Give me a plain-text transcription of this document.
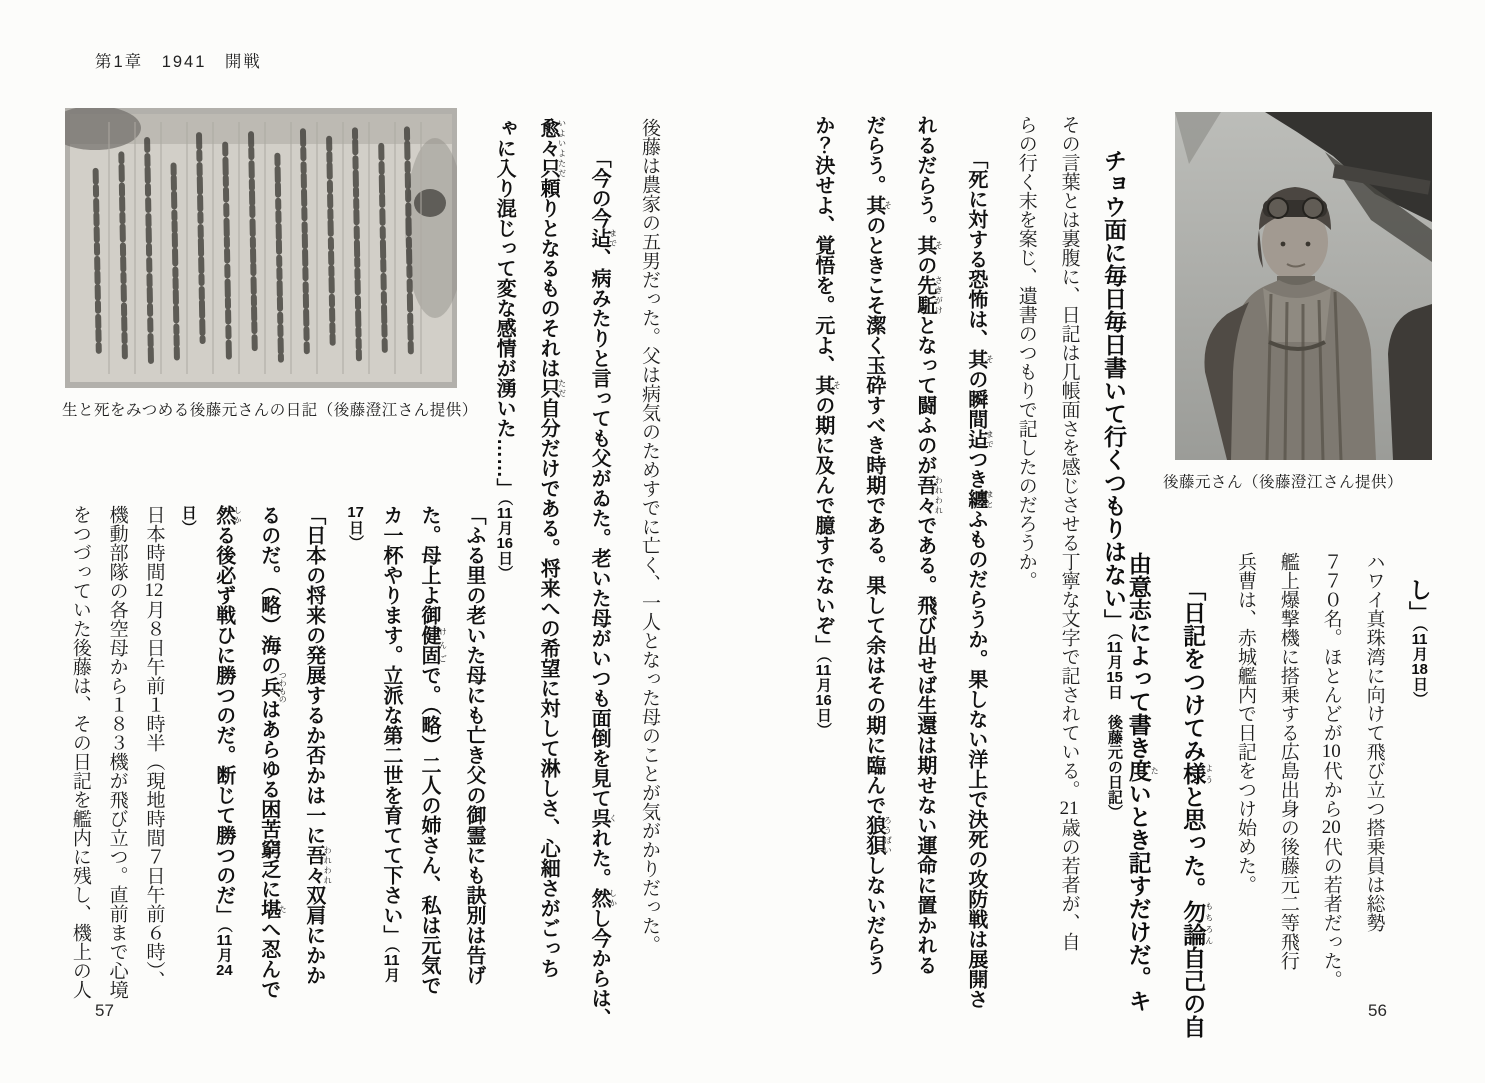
第1章　1941　開戦
生と死をみつめる後藤元さんの日記（後藤澄江さん提供）	後藤は農家の五男だった。父は病気のためすでに亡く、一人となった母のことが気がかりだった。
「今の今迠まで、病みたりと言っても父がゐた。老いた母がいつも面倒を見て呉くれた。然しかし今からは、
愈々只いよいよただ頼りとなるものそれは只ただ自分だけである。将来への希望に対して淋しさ、心細さがごっち
ゃに入り混じって変な感情が湧いた……」（11月16日）
「ふる里の老いた母にも亡き父の御霊にも訣別は告げ
た。母上よ御健固けんごで。（略）二人の姉さん、私は元気で
カ一杯やります。立派な第二世を育てて下さい」（11月
17日）
「日本の将来の発展するか否かは一に吾々われわれ双肩にかか
るのだ。（略）海の兵つわものはあらゆる困苦窮乏に堪たへ忍んで
然しかる後必ず戦ひに勝つのだ。断じて勝つのだ」（11月24
日）
日本時間12月８日午前１時半（現地時間７日午前６時）、
機動部隊の各空母から１８３機が飛び立つ。直前まで心境
をつづっていた後藤は、その日記を艦内に残し、機上の人
57
後藤元さん（後藤澄江さん提供）
し」（11月18日）
ハワイ真珠湾に向けて飛び立つ搭乗員は総勢
７７０名。ほとんどが10代から20代の若者だった。
艦上爆撃機に搭乗する広島出身の後藤元二等飛行
兵曹は、赤城艦内で日記をつけ始めた。
「日記をつけてみ様ようと思った。勿論もちろん自己の自
由意志によって書き度たいとき記すだけだ。キ
チョウ面に毎日毎日書いて行くつもりはない」（11月15日　後藤元の日記）
その言葉とは裏腹に、日記は几帳面さを感じさせる丁寧な文字で記されている。21歳の若者が、自
らの行く末を案じ、遺書のつもりで記したのだろうか。
「死に対する恐怖は、其その瞬間迠までつき纏まとふものだらうか。果しない洋上で決死の攻防戦は展開さ
れるだらう。其その先駈さきがけとなって闘ふのが吾々われわれである。飛び出せば生還は期せない運命に置かれる
だらう。其そのときこそ潔く玉砕すべき時期である。果して余はその期に臨んで狼狽ろうばいしないだらう
か？決せよ、覚悟を。元よ、其その期に及んで臆すでないぞ」（11月16日）
56
